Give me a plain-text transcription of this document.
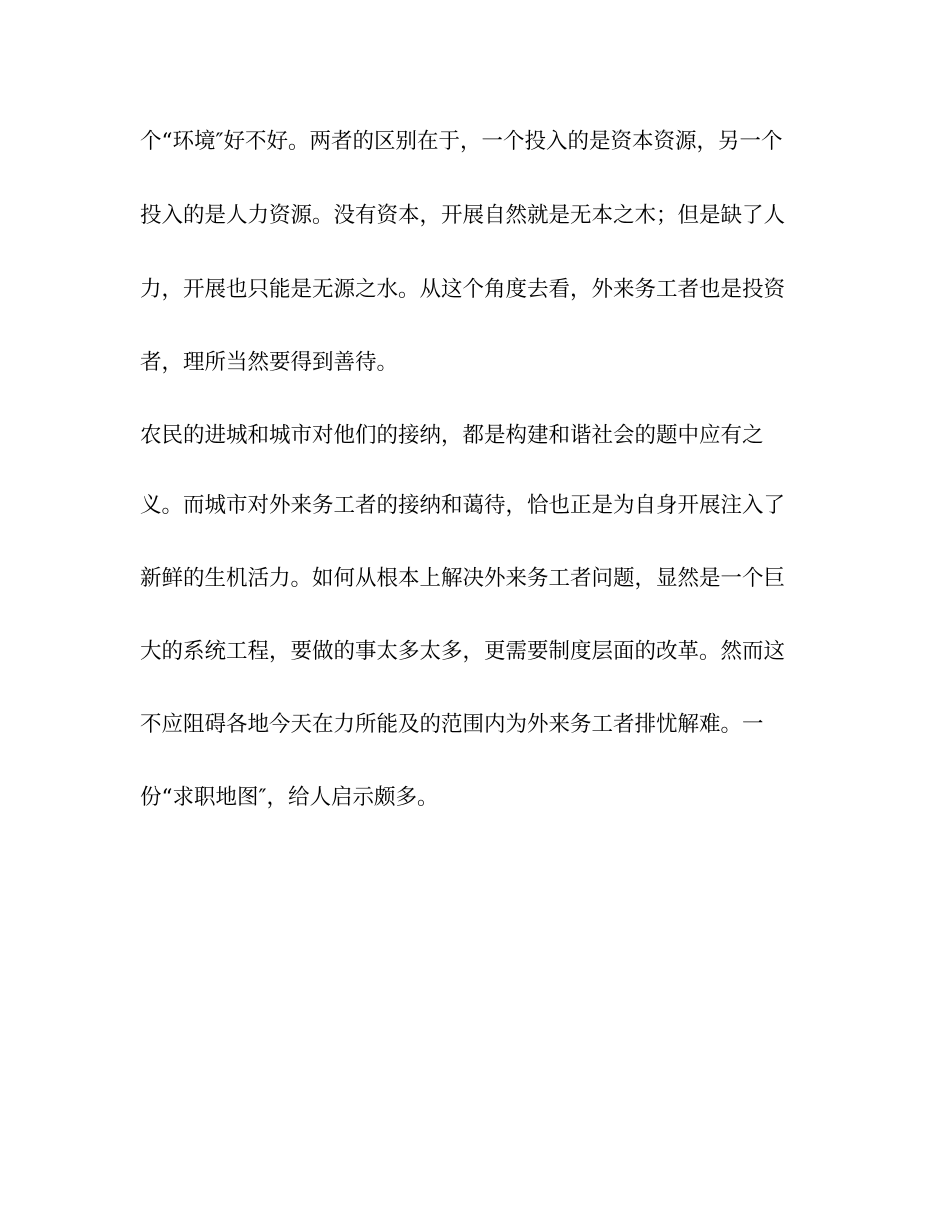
个“环境″好不好。两者的区别在于，一个投入的是资本资源，另一个
投入的是人力资源。没有资本，开展自然就是无本之木；但是缺了人
力，开展也只能是无源之水。从这个角度去看，外来务工者也是投资
者，理所当然要得到善待。
农民的进城和城市对他们的接纳，都是构建和谐社会的题中应有之
义。而城市对外来务工者的接纳和蔼待，恰也正是为自身开展注入了
新鲜的生机活力。如何从根本上解决外来务工者问题，显然是一个巨
大的系统工程，要做的事太多太多，更需要制度层面的改革。然而这
不应阻碍各地今天在力所能及的范围内为外来务工者排忧解难。一
份“求职地图″，给人启示颇多。
